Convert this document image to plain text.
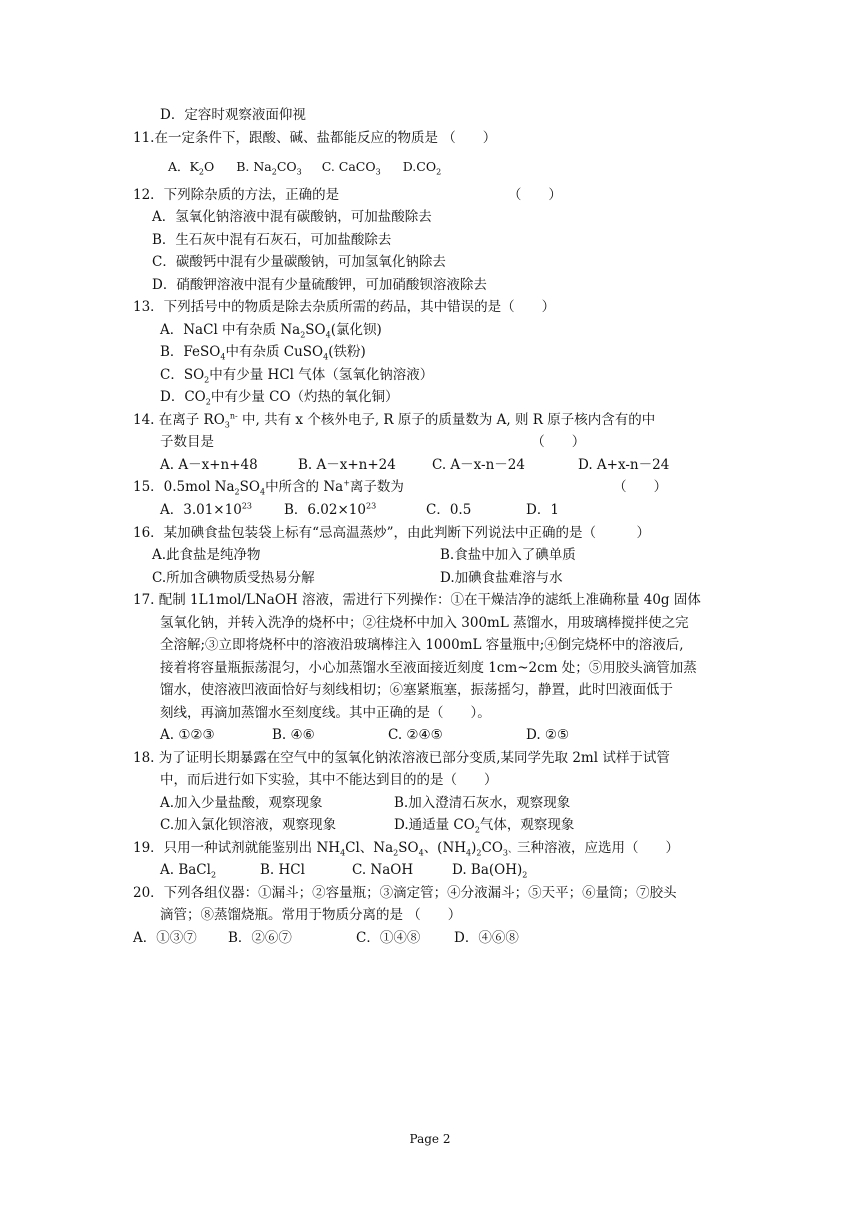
D．定容时观察液面仰视
11.在一定条件下，跟酸、碱、盐都能反应的物质是 （　　）
A．$K_2O$ B. $Na_2CO_3$ C. CaCO$_3$ $D.CO_2$
12．下列除杂质的方法，正确的是　　　　　　　　　　　　　（　　）
A．氢氧化钠溶液中混有碳酸钠，可加盐酸除去
B．生石灰中混有石灰石，可加盐酸除去
C．碳酸钙中混有少量碳酸钠，可加氢氧化钠除去
D．硝酸钾溶液中混有少量硫酸钾，可加硝酸钡溶液除去
13．下列括号中的物质是除去杂质所需的药品，其中错误的是（　　）
A．NaCl 中有杂质 $Na_2SO_4$(氯化钡)
B．FeSO$_4$中有杂质 CuSO$_4$(铁粉)
C．$SO_2$中有少量 HCl 气体（氢氧化钠溶液）
D．$CO_2$中有少量 CO（灼热的氧化铜）
14. 在离子 $RO_3^{n-}$ 中, 共有 x 个核外电子, R 原子的质量数为 A, 则 R 原子核内含有的中
子数目是　　　　　　　　　　　　　　　　　　　　　　　　（　　）
A. A－x+n+48	B. A－x+n+24	C. A－x-n－24	D. A+x-n－24
15．0.5mol $Na_2SO_4$中所含的 Na+离子数为　　　　　　　　　　　　　　　　（　　）
A．$3.01\times 10^{23}$	B．$6.02\times 10^{23}$	C．0.5	D．1
16．某加碘食盐包装袋上标有“忌高温蒸炒”，由此判断下列说法中正确的是（　　　）
A.此食盐是纯净物	B.食盐中加入了碘单质
C.所加含碘物质受热易分解	D.加碘食盐难溶与水
17. 配制 1L1mol/LNaOH 溶液，需进行下列操作：①在干燥洁净的滤纸上准确称量 40g 固体
氢氧化钠，并转入洗净的烧杯中；②往烧杯中加入 300mL 蒸馏水，用玻璃棒搅拌使之完
全溶解;③立即将烧杯中的溶液沿玻璃棒注入 1000mL 容量瓶中;④倒完烧杯中的溶液后,
接着将容量瓶振荡混匀，小心加蒸馏水至液面接近刻度 1cm~2cm 处；⑤用胶头滴管加蒸
馏水，使溶液凹液面恰好与刻线相切；⑥塞紧瓶塞，振荡摇匀，静置，此时凹液面低于
刻线，再滴加蒸馏水至刻度线。其中正确的是（　　）。
A. ①②③	B. ④⑥	C. ②④⑤	D. ②⑤
18. 为了证明长期暴露在空气中的氢氧化钠浓溶液已部分变质,某同学先取 2ml 试样于试管
中，而后进行如下实验，其中不能达到目的的是（　　）
A.加入少量盐酸，观察现象	B.加入澄清石灰水，观察现象
C.加入氯化钡溶液，观察现象	D.通适量 $CO_2$气体，观察现象
19．只用一种试剂就能鉴别出 $NH_4Cl$、$Na_2SO_4$、$(NH_4)_2CO_3$、三种溶液，应选用（　　）
A. BaCl$_2$	B. HCl	C. NaOH	D. $Ba(OH)_2$
20．下列各组仪器：①漏斗；②容量瓶；③滴定管；④分液漏斗；⑤天平；⑥量筒；⑦胶头
滴管；⑧蒸馏烧瓶。常用于物质分离的是 （　　）
A．①③⑦	B．②⑥⑦	C．①④⑧	D．④⑥⑧
Page 2
